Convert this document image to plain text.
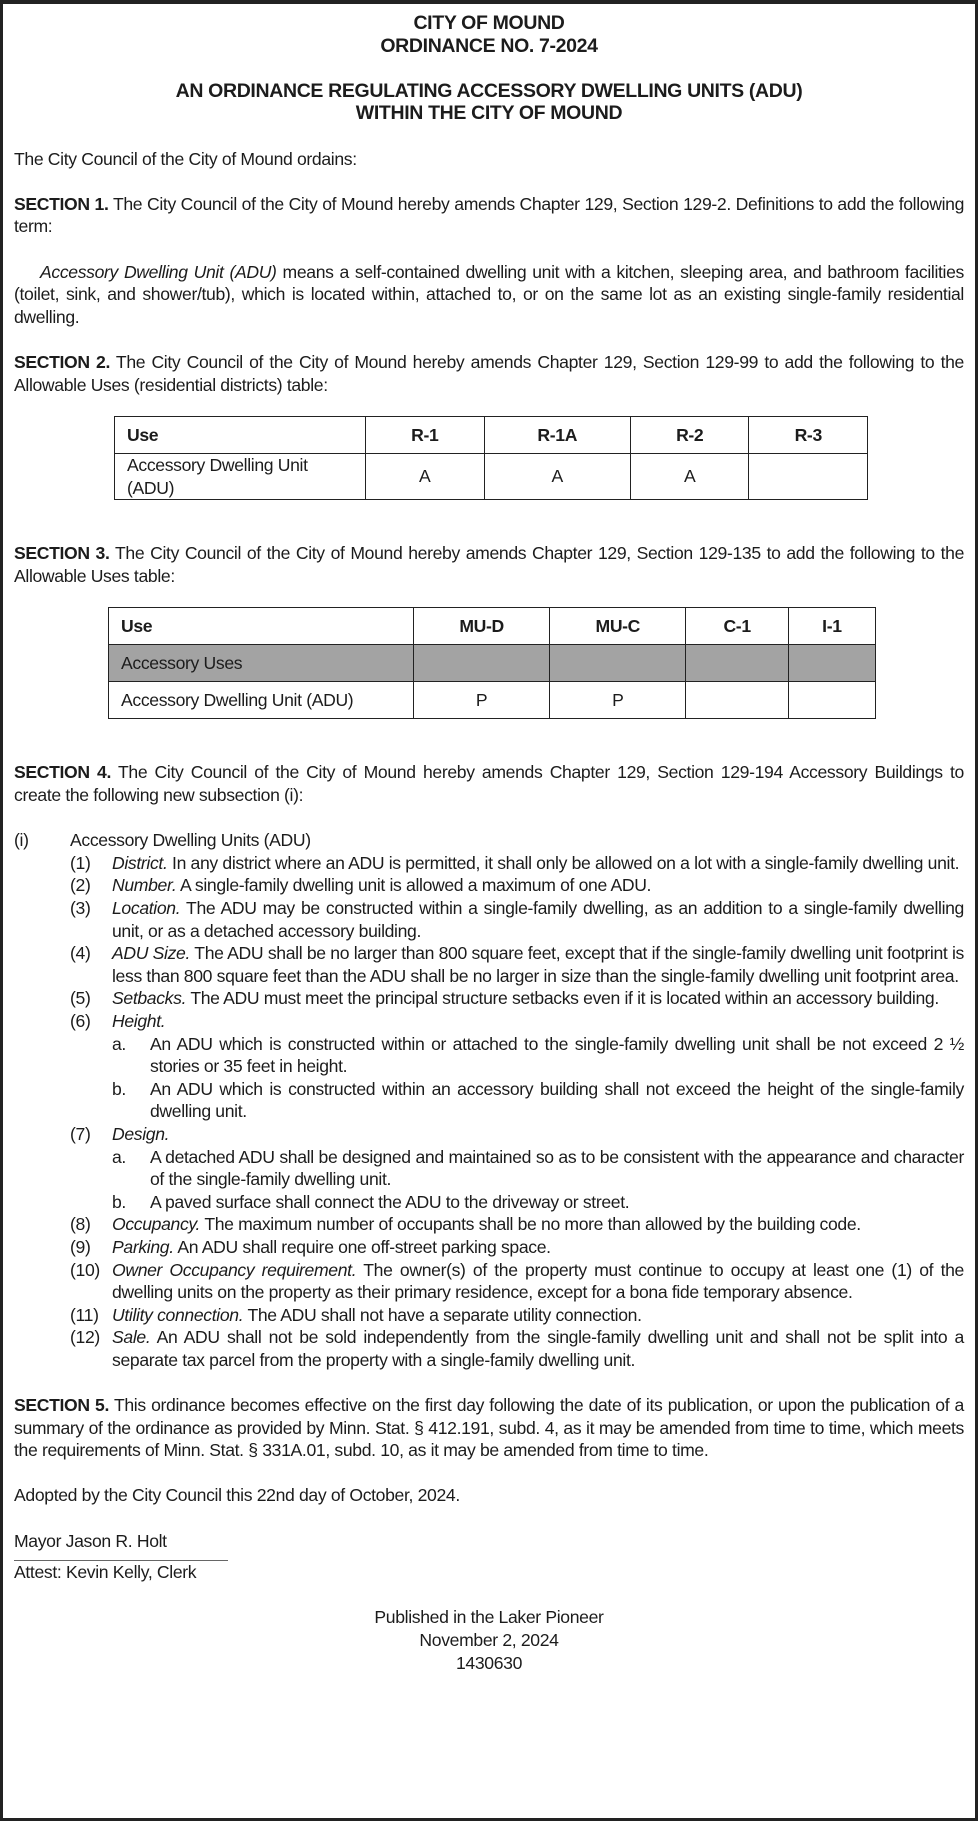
CITY OF MOUND
ORDINANCE NO. 7-2024
AN ORDINANCE REGULATING ACCESSORY DWELLING UNITS (ADU)
WITHIN THE CITY OF MOUND

The City Council of the City of Mound ordains:

SECTION 1. The City Council of the City of Mound hereby amends Chapter 129, Section 129-2. Definitions to add the following term:

Accessory Dwelling Unit (ADU) means a self-contained dwelling unit with a kitchen, sleeping area, and bathroom facilities (toilet, sink, and shower/tub), which is located within, attached to, or on the same lot as an existing single-family residential dwelling.

SECTION 2. The City Council of the City of Mound hereby amends Chapter 129, Section 129-99 to add the following to the Allowable Uses (residential districts) table:

Use	R-1	R-1A	R-2	R-3
Accessory Dwelling Unit (ADU)	A	A	A	

SECTION 3. The City Council of the City of Mound hereby amends Chapter 129, Section 129-135 to add the following to the Allowable Uses table:

Use	MU-D	MU-C	C-1	I-1
Accessory Uses				
Accessory Dwelling Unit (ADU)	P	P		

SECTION 4. The City Council of the City of Mound hereby amends Chapter 129, Section 129-194 Accessory Buildings to create the following new subsection (i):

(i)	Accessory Dwelling Units (ADU)
(1)	District. In any district where an ADU is permitted, it shall only be allowed on a lot with a single-family dwelling unit.
(2)	Number. A single-family dwelling unit is allowed a maximum of one ADU.
(3)	Location. The ADU may be constructed within a single-family dwelling, as an addition to a single-family dwelling unit, or as a detached accessory building.
(4)	ADU Size. The ADU shall be no larger than 800 square feet, except that if the single-family dwelling unit footprint is less than 800 square feet than the ADU shall be no larger in size than the single-family dwelling unit footprint area.
(5)	Setbacks. The ADU must meet the principal structure setbacks even if it is located within an accessory building.
(6)	Height.
a.	An ADU which is constructed within or attached to the single-family dwelling unit shall be not exceed 2 ½ stories or 35 feet in height.
b.	An ADU which is constructed within an accessory building shall not exceed the height of the single-family dwelling unit.
(7)	Design.
a.	A detached ADU shall be designed and maintained so as to be consistent with the appearance and character of the single-family dwelling unit.
b.	A paved surface shall connect the ADU to the driveway or street.
(8)	Occupancy. The maximum number of occupants shall be no more than allowed by the building code.
(9)	Parking. An ADU shall require one off-street parking space.
(10) Owner Occupancy requirement. The owner(s) of the property must continue to occupy at least one (1) of the dwelling units on the property as their primary residence, except for a bona fide temporary absence.
(11) Utility connection. The ADU shall not have a separate utility connection.
(12) Sale. An ADU shall not be sold independently from the single-family dwelling unit and shall not be split into a separate tax parcel from the property with a single-family dwelling unit.

SECTION 5. This ordinance becomes effective on the first day following the date of its publication, or upon the publication of a summary of the ordinance as provided by Minn. Stat. § 412.191, subd. 4, as it may be amended from time to time, which meets the requirements of Minn. Stat. § 331A.01, subd. 10, as it may be amended from time to time.

Adopted by the City Council this 22nd day of October, 2024.

Mayor Jason R. Holt

Attest: Kevin Kelly, Clerk

Published in the Laker Pioneer
November 2, 2024
1430630
